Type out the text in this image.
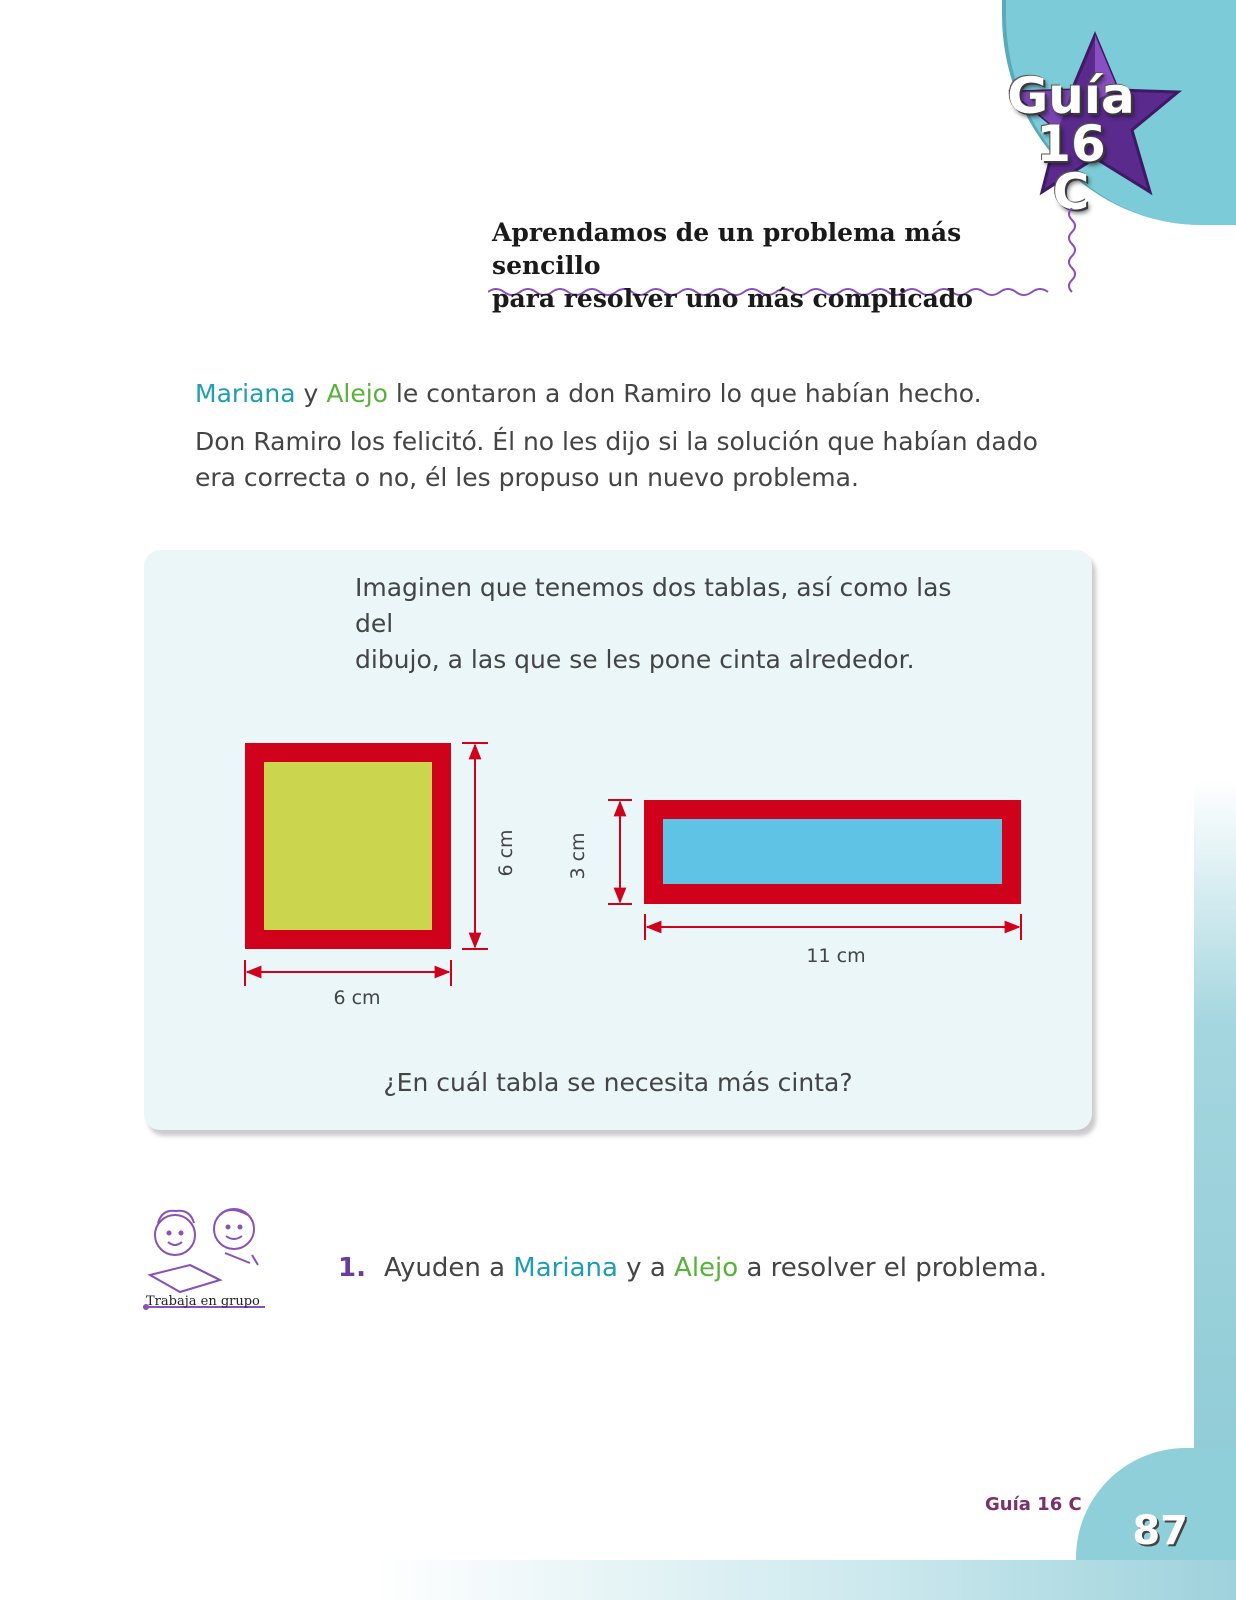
Guía 16
C
Aprendamos de un problema más sencillo
para resolver uno más complicado
Mariana y Alejo le contaron a don Ramiro lo que habían hecho.
Don Ramiro los felicitó. Él no les dijo si la solución que habían dado
era correcta o no, él les propuso un nuevo problema.
Imaginen que tenemos dos tablas, así como las del
dibujo, a las que se les pone cinta alrededor.
6 cm
6 cm
3 cm
11 cm
¿En cuál tabla se necesita más cinta?
Trabaja en grupo
1. Ayuden a Mariana y a Alejo a resolver el problema.
Guía 16 C
87
